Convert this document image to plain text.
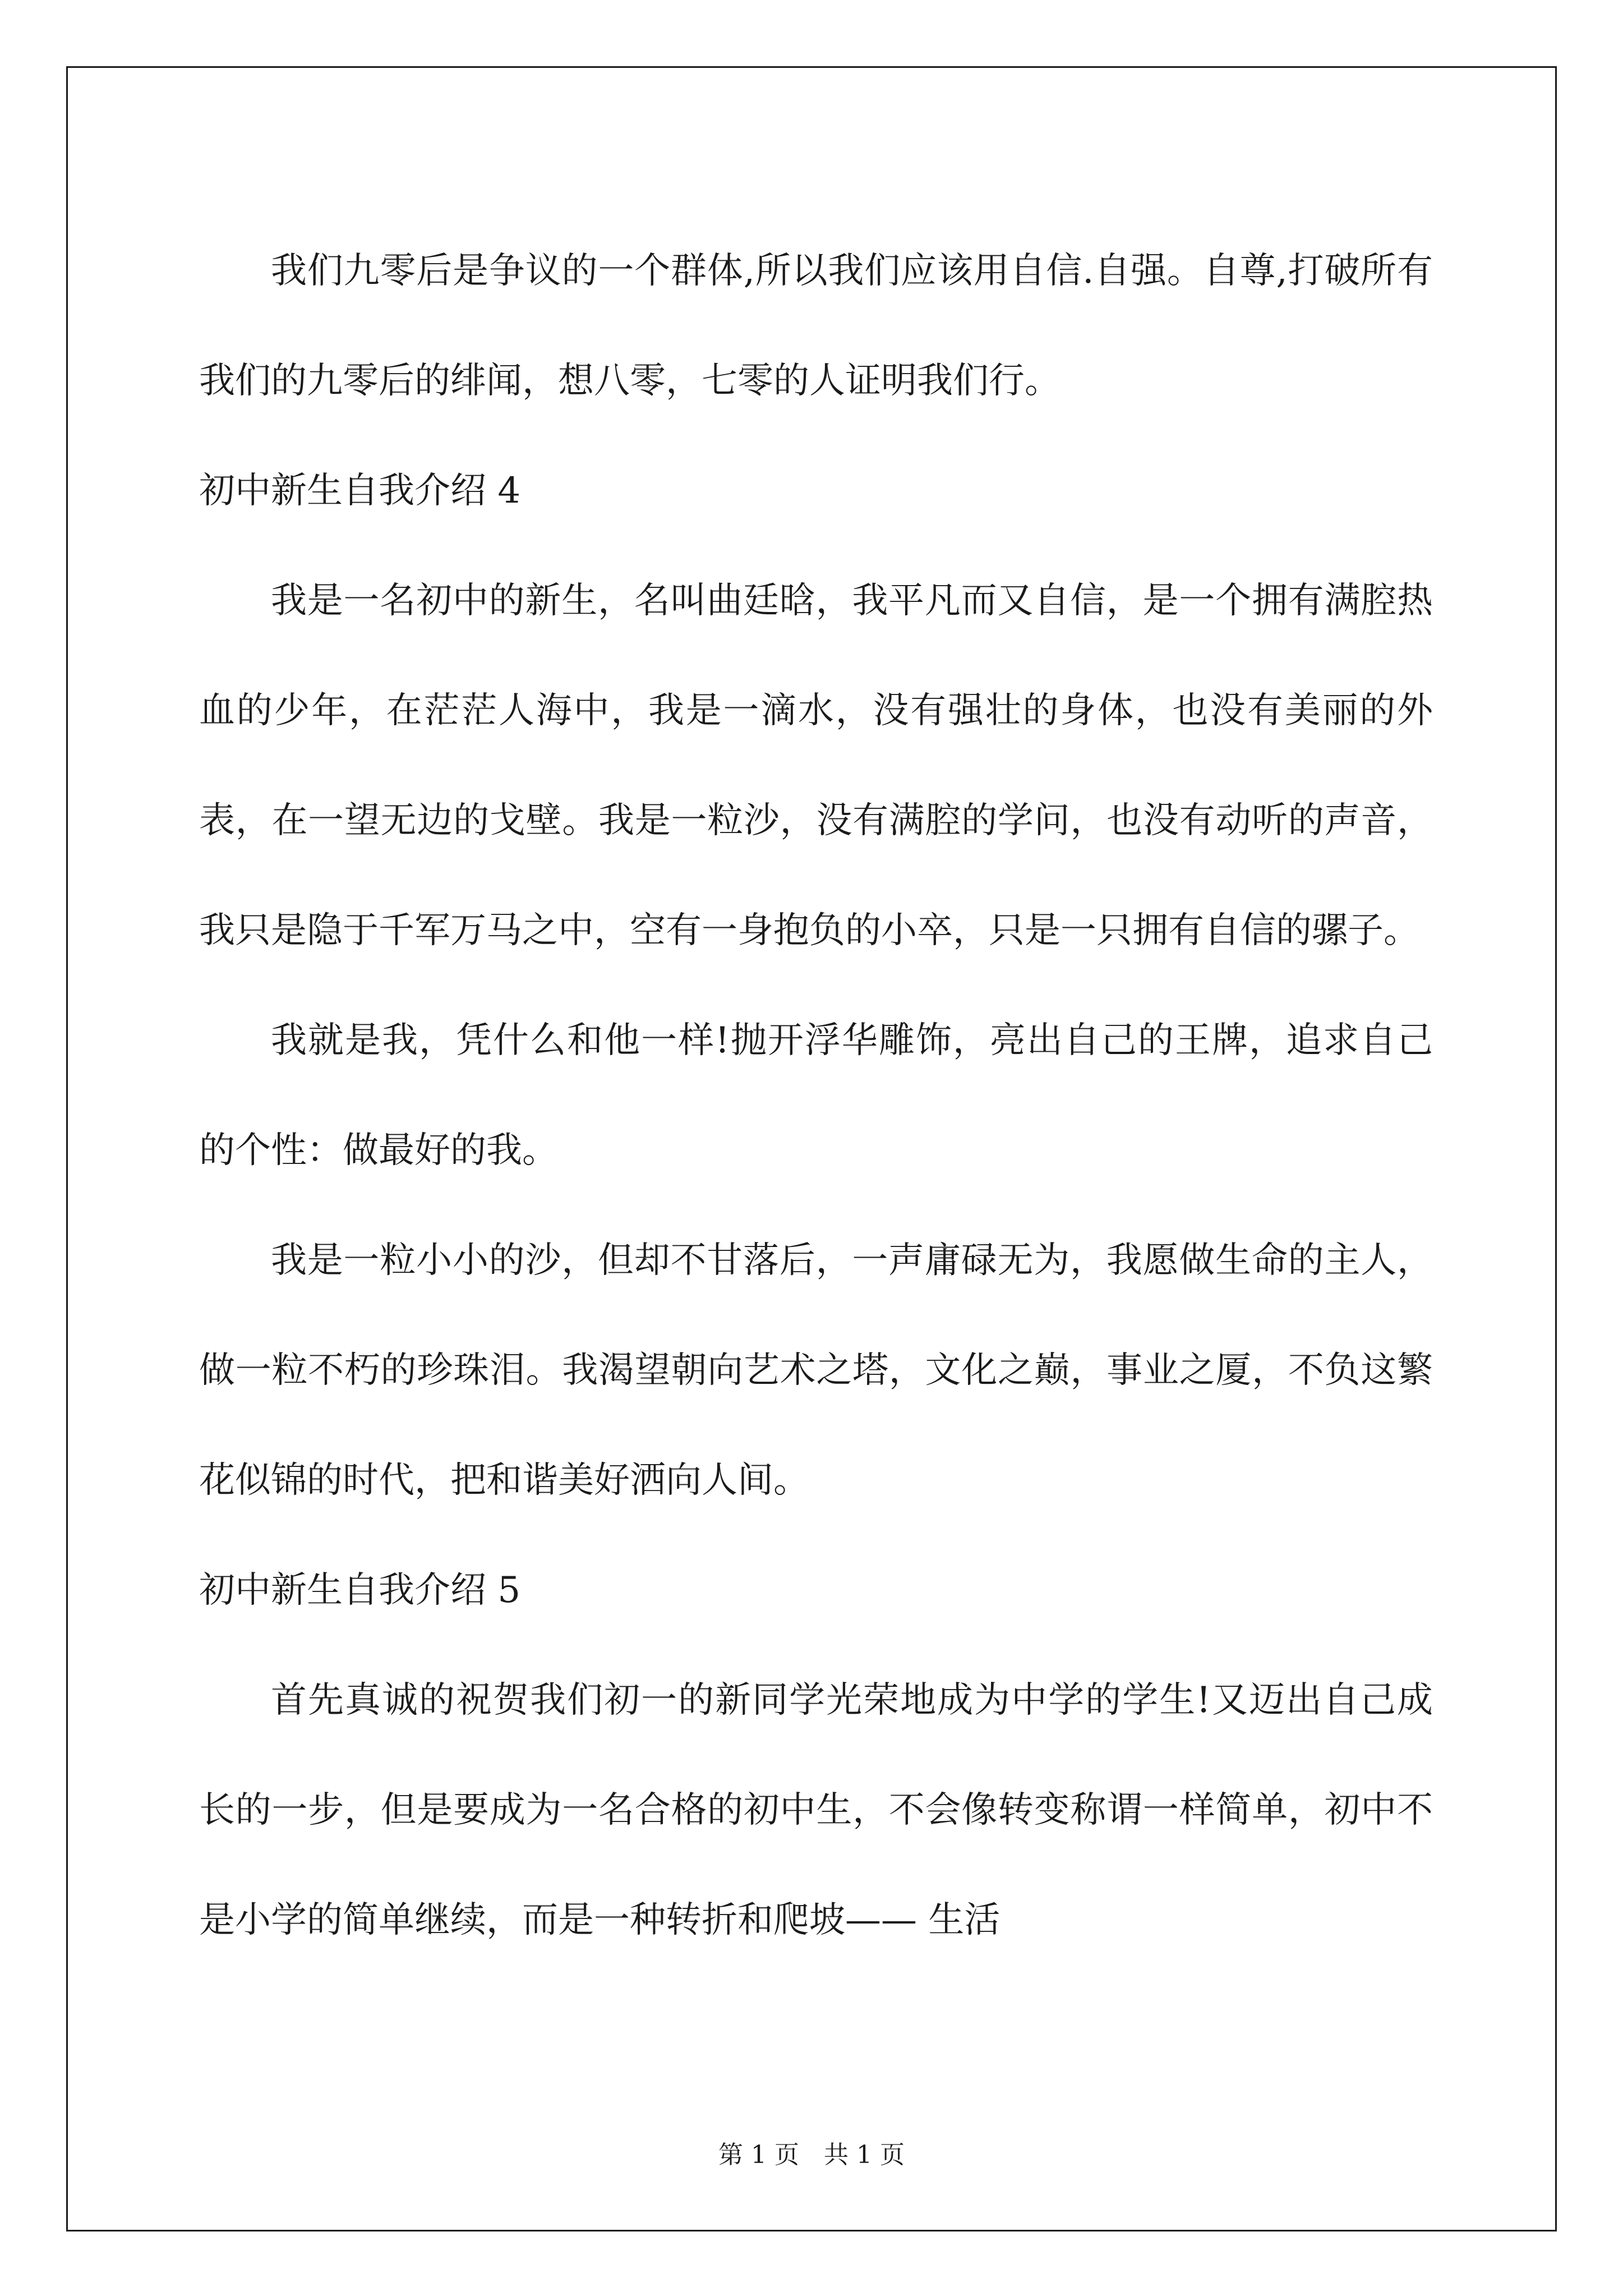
我们九零后是争议的一个群体,所以我们应该用自信.自强。自尊,打破所有我们的九零后的绯闻，想八零，七零的人证明我们行。

初中新生自我介绍 4

我是一名初中的新生，名叫曲廷晗，我平凡而又自信，是一个拥有满腔热血的少年，在茫茫人海中，我是一滴水，没有强壮的身体，也没有美丽的外表，在一望无边的戈壁。我是一粒沙，没有满腔的学问，也没有动听的声音，我只是隐于千军万马之中，空有一身抱负的小卒，只是一只拥有自信的骡子。

我就是我，凭什么和他一样!抛开浮华雕饰，亮出自己的王牌，追求自己的个性：做最好的我。

我是一粒小小的沙，但却不甘落后，一声庸碌无为，我愿做生命的主人，做一粒不朽的珍珠泪。我渴望朝向艺术之塔，文化之巅，事业之厦，不负这繁花似锦的时代，把和谐美好洒向人间。

初中新生自我介绍 5

首先真诚的祝贺我们初一的新同学光荣地成为中学的学生!又迈出自己成长的一步，但是要成为一名合格的初中生，不会像转变称谓一样简单，初中不是小学的简单继续，而是一种转折和爬坡—— 生活

第 1 页　共 1 页
